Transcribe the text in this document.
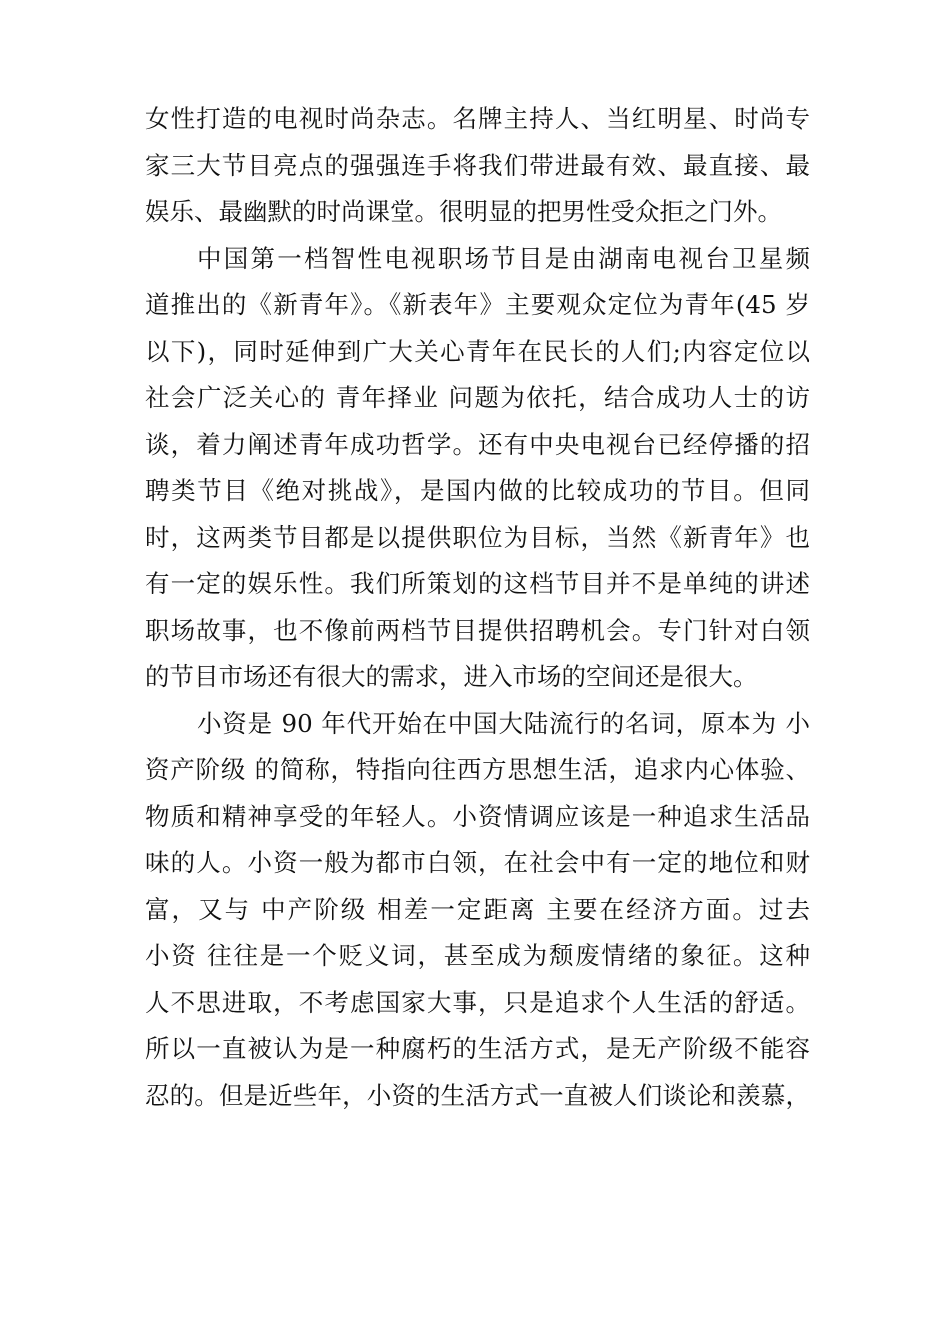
女性打造的电视时尚杂志。名牌主持人、当红明星、时尚专
家三大节目亮点的强强连手将我们带进最有效、最直接、最
娱乐、最幽默的时尚课堂。很明显的把男性受众拒之门外。
中国第一档智性电视职场节目是由湖南电视台卫星频
道推出的《新青年》。《新表年》主要观众定位为青年(45 岁
以下)，同时延伸到广大关心青年在民长的人们;内容定位以
社会广泛关心的 青年择业 问题为依托，结合成功人士的访
谈，着力阐述青年成功哲学。还有中央电视台已经停播的招
聘类节目《绝对挑战》，是国内做的比较成功的节目。但同
时，这两类节目都是以提供职位为目标，当然《新青年》也
有一定的娱乐性。我们所策划的这档节目并不是单纯的讲述
职场故事，也不像前两档节目提供招聘机会。专门针对白领
的节目市场还有很大的需求，进入市场的空间还是很大。
小资是 90 年代开始在中国大陆流行的名词，原本为 小
资产阶级 的简称，特指向往西方思想生活，追求内心体验、
物质和精神享受的年轻人。小资情调应该是一种追求生活品
味的人。小资一般为都市白领，在社会中有一定的地位和财
富，又与 中产阶级 相差一定距离 主要在经济方面。过去
小资 往往是一个贬义词，甚至成为颓废情绪的象征。这种
人不思进取，不考虑国家大事，只是追求个人生活的舒适。
所以一直被认为是一种腐朽的生活方式，是无产阶级不能容
忍的。但是近些年，小资的生活方式一直被人们谈论和羡慕，
